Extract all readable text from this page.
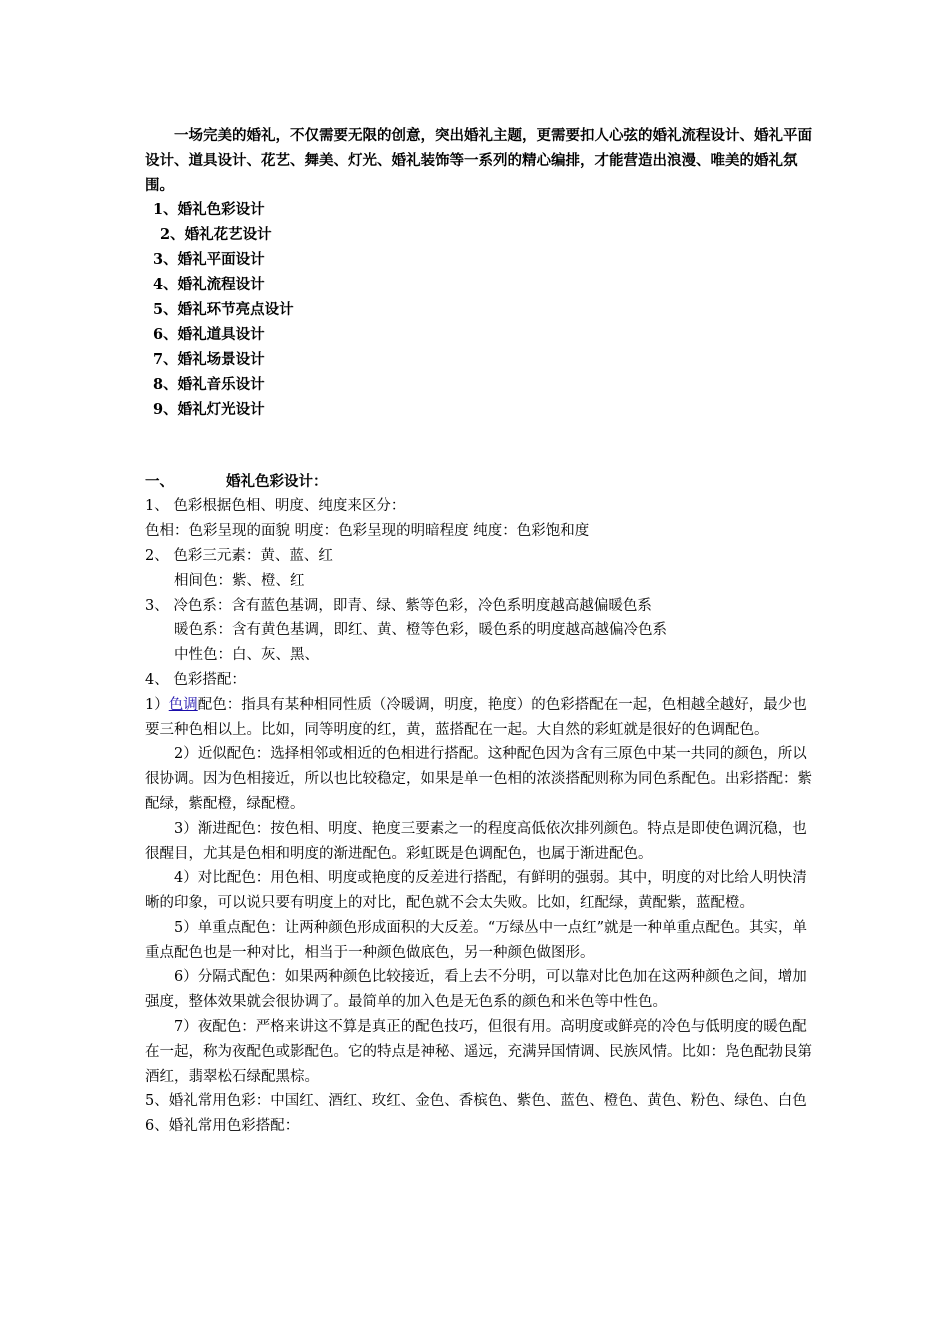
一场完美的婚礼，不仅需要无限的创意，突出婚礼主题，更需要扣人心弦的婚礼流程设计、婚礼平面设计、道具设计、花艺、舞美、灯光、婚礼装饰等一系列的精心编排，才能营造出浪漫、唯美的婚礼氛围。

1、婚礼色彩设计
2、婚礼花艺设计
3、婚礼平面设计
4、婚礼流程设计
5、婚礼环节亮点设计
6、婚礼道具设计
7、婚礼场景设计
8、婚礼音乐设计
9、婚礼灯光设计

一、	婚礼色彩设计：

1、 色彩根据色相、明度、纯度来区分：

色相：色彩呈现的面貌 明度：色彩呈现的明暗程度 纯度：色彩饱和度

2、 色彩三元素：黄、蓝、红

相间色：紫、橙、红

3、 冷色系：含有蓝色基调，即青、绿、紫等色彩，冷色系明度越高越偏暖色系

暖色系：含有黄色基调，即红、黄、橙等色彩，暖色系的明度越高越偏冷色系

中性色：白、灰、黑、

4、 色彩搭配：

1）色调配色：指具有某种相同性质（冷暖调，明度，艳度）的色彩搭配在一起，色相越全越好，最少也要三种色相以上。比如，同等明度的红，黄，蓝搭配在一起。大自然的彩虹就是很好的色调配色。

2）近似配色：选择相邻或相近的色相进行搭配。这种配色因为含有三原色中某一共同的颜色，所以很协调。因为色相接近，所以也比较稳定，如果是单一色相的浓淡搭配则称为同色系配色。出彩搭配：紫配绿，紫配橙，绿配橙。

3）渐进配色：按色相、明度、艳度三要素之一的程度高低依次排列颜色。特点是即使色调沉稳，也很醒目，尤其是色相和明度的渐进配色。彩虹既是色调配色，也属于渐进配色。

4）对比配色：用色相、明度或艳度的反差进行搭配，有鲜明的强弱。其中，明度的对比给人明快清晰的印象，可以说只要有明度上的对比，配色就不会太失败。比如，红配绿，黄配紫，蓝配橙。

5）单重点配色：让两种颜色形成面积的大反差。“万绿丛中一点红”就是一种单重点配色。其实，单重点配色也是一种对比，相当于一种颜色做底色，另一种颜色做图形。

6）分隔式配色：如果两种颜色比较接近，看上去不分明，可以靠对比色加在这两种颜色之间，增加强度，整体效果就会很协调了。最简单的加入色是无色系的颜色和米色等中性色。

7）夜配色：严格来讲这不算是真正的配色技巧，但很有用。高明度或鲜亮的冷色与低明度的暖色配在一起，称为夜配色或影配色。它的特点是神秘、遥远，充满异国情调、民族风情。比如：凫色配勃艮第酒红，翡翠松石绿配黑棕。

5、婚礼常用色彩：中国红、酒红、玫红、金色、香槟色、紫色、蓝色、橙色、黄色、粉色、绿色、白色

6、婚礼常用色彩搭配：
